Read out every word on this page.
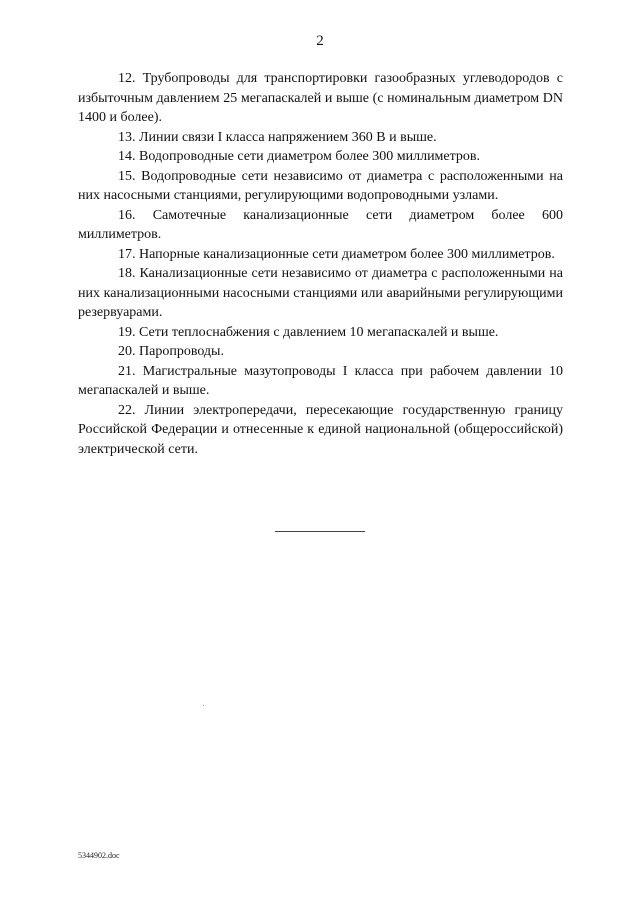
2

12. Трубопроводы для транспортировки газообразных углеводородов с избыточным давлением 25 мегапаскалей и выше (с номинальным диаметром DN 1400 и более).

13. Линии связи I класса напряжением 360 В и выше.

14. Водопроводные сети диаметром более 300 миллиметров.

15. Водопроводные сети независимо от диаметра с расположенными на них насосными станциями, регулирующими водопроводными узлами.

16. Самотечные канализационные сети диаметром более 600 миллиметров.

17. Напорные канализационные сети диаметром более 300 миллиметров.

18. Канализационные сети независимо от диаметра с расположенными на них канализационными насосными станциями или аварийными регулирующими резервуарами.

19. Сети теплоснабжения с давлением 10 мегапаскалей и выше.

20. Паропроводы.

21. Магистральные мазутопроводы I класса при рабочем давлении 10 мегапаскалей и выше.

22. Линии электропередачи, пересекающие государственную границу Российской Федерации и отнесенные к единой национальной (общероссийской) электрической сети.

5344902.doc
